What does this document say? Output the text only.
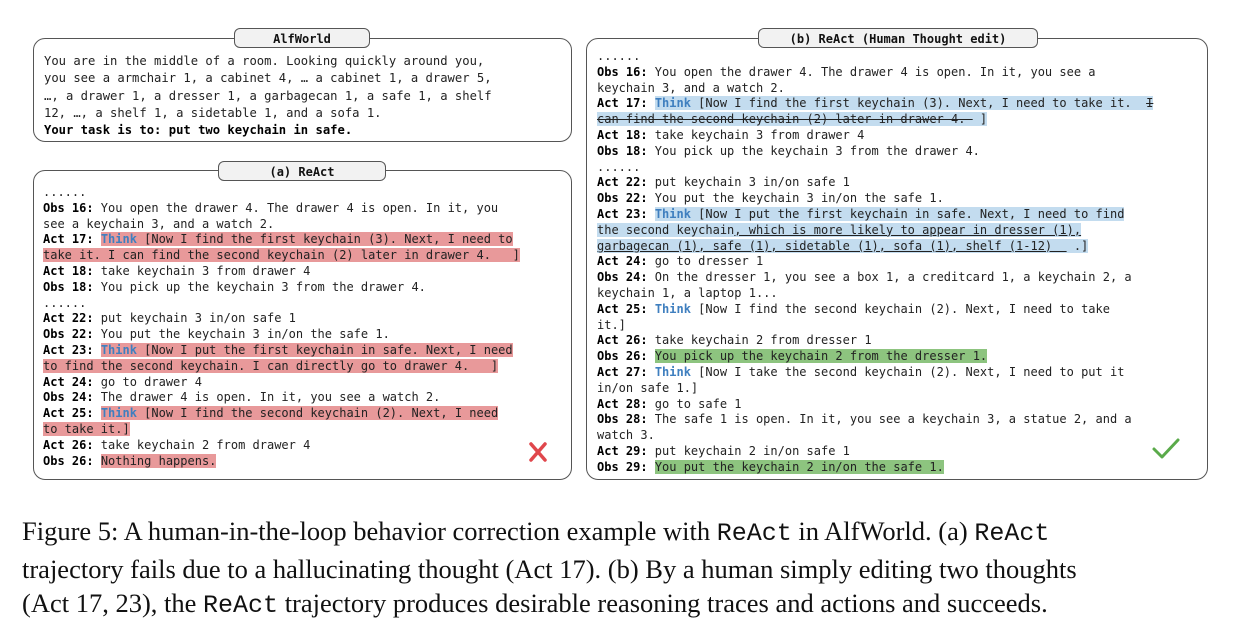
You are in the middle of a room. Looking quickly around you,
you see a armchair 1, a cabinet 4, … a cabinet 1, a drawer 5,
…, a drawer 1, a dresser 1, a garbagecan 1, a safe 1, a shelf
12, …, a shelf 1, a sidetable 1, and a sofa 1.
Your task is to: put two keychain in safe.
AlfWorld
......
Obs 16: You open the drawer 4. The drawer 4 is open. In it, you
see a keychain 3, and a watch 2.
Act 17: Think [Now I find the first keychain (3). Next, I need to
take it. I can find the second keychain (2) later in drawer 4.   ]
Act 18: take keychain 3 from drawer 4
Obs 18: You pick up the keychain 3 from the drawer 4.
......
Act 22: put keychain 3 in/on safe 1
Obs 22: You put the keychain 3 in/on the safe 1.
Act 23: Think [Now I put the first keychain in safe. Next, I need
to find the second keychain. I can directly go to drawer 4.   ]
Act 24: go to drawer 4
Obs 24: The drawer 4 is open. In it, you see a watch 2.
Act 25: Think [Now I find the second keychain (2). Next, I need
to take it.]
Act 26: take keychain 2 from drawer 4
Obs 26: Nothing happens.
(a) ReAct
......
Obs 16: You open the drawer 4. The drawer 4 is open. In it, you see a
keychain 3, and a watch 2.
Act 17: Think [Now I find the first keychain (3). Next, I need to take it.  I
can find the second keychain (2) later in drawer 4.  ]
Act 18: take keychain 3 from drawer 4
Obs 18: You pick up the keychain 3 from the drawer 4.
......
Act 22: put keychain 3 in/on safe 1
Obs 22: You put the keychain 3 in/on the safe 1.
Act 23: Think [Now I put the first keychain in safe. Next, I need to find
the second keychain, which is more likely to appear in dresser (1),
garbagecan (1), safe (1), sidetable (1), sofa (1), shelf (1-12)   .]
Act 24: go to dresser 1
Obs 24: On the dresser 1, you see a box 1, a creditcard 1, a keychain 2, a
keychain 1, a laptop 1...
Act 25: Think [Now I find the second keychain (2). Next, I need to take
it.]
Act 26: take keychain 2 from dresser 1
Obs 26: You pick up the keychain 2 from the dresser 1.
Act 27: Think [Now I take the second keychain (2). Next, I need to put it
in/on safe 1.]
Act 28: go to safe 1
Obs 28: The safe 1 is open. In it, you see a keychain 3, a statue 2, and a
watch 3.
Act 29: put keychain 2 in/on safe 1
Obs 29: You put the keychain 2 in/on the safe 1.
(b) ReAct (Human Thought edit)
Figure 5: A human-in-the-loop behavior correction example with ReAct in AlfWorld. (a) ReAct
trajectory fails due to a hallucinating thought (Act 17). (b) By a human simply editing two thoughts
(Act 17, 23), the ReAct trajectory produces desirable reasoning traces and actions and succeeds.
